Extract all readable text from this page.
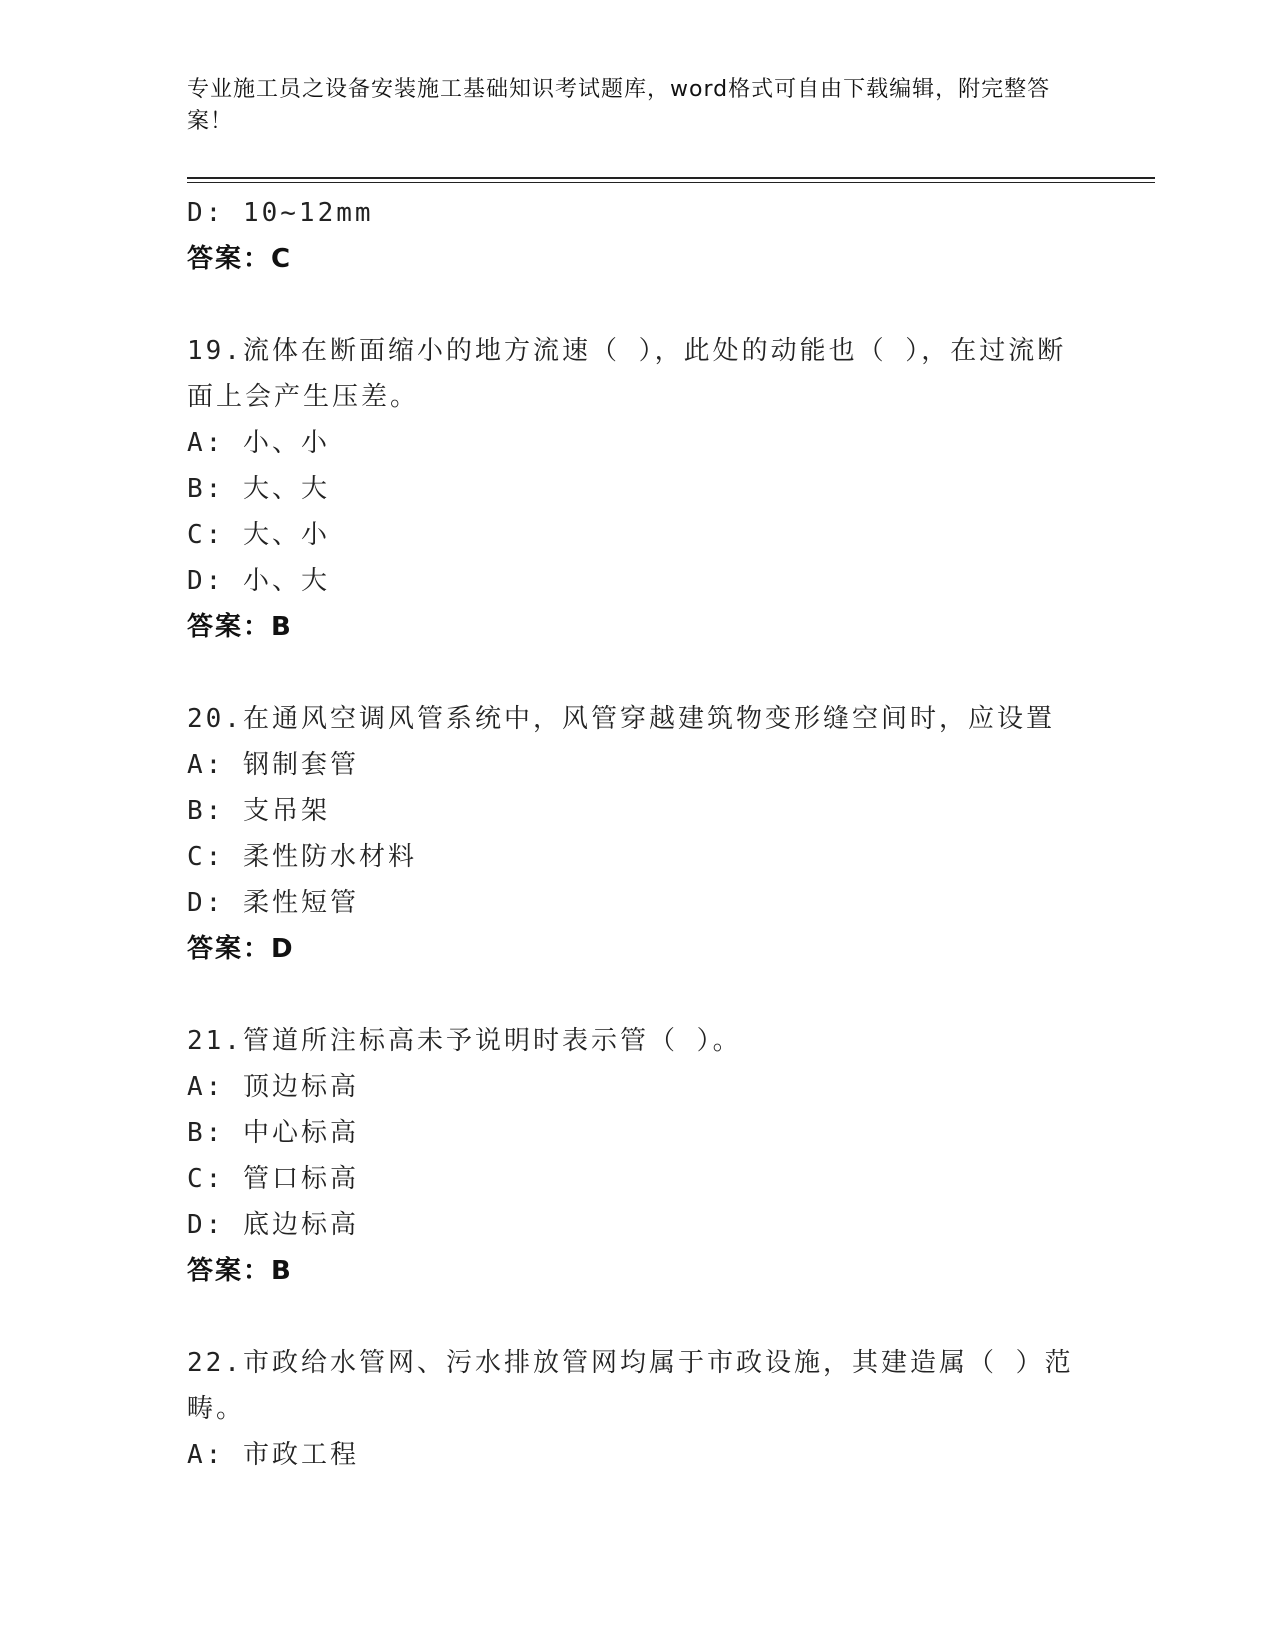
专业施工员之设备安装施工基础知识考试题库，word格式可自由下载编辑，附完整答案！
D: 10~12mm
答案：C
19.流体在断面缩小的地方流速（ ），此处的动能也（ ），在过流断
面上会产生压差。
A: 小、小
B: 大、大
C: 大、小
D: 小、大
答案：B
20.在通风空调风管系统中，风管穿越建筑物变形缝空间时，应设置
A: 钢制套管
B: 支吊架
C: 柔性防水材料
D: 柔性短管
答案：D
21.管道所注标高未予说明时表示管（ ）。
A: 顶边标高
B: 中心标高
C: 管口标高
D: 底边标高
答案：B
22.市政给水管网、污水排放管网均属于市政设施，其建造属（ ）范
畴。
A: 市政工程
